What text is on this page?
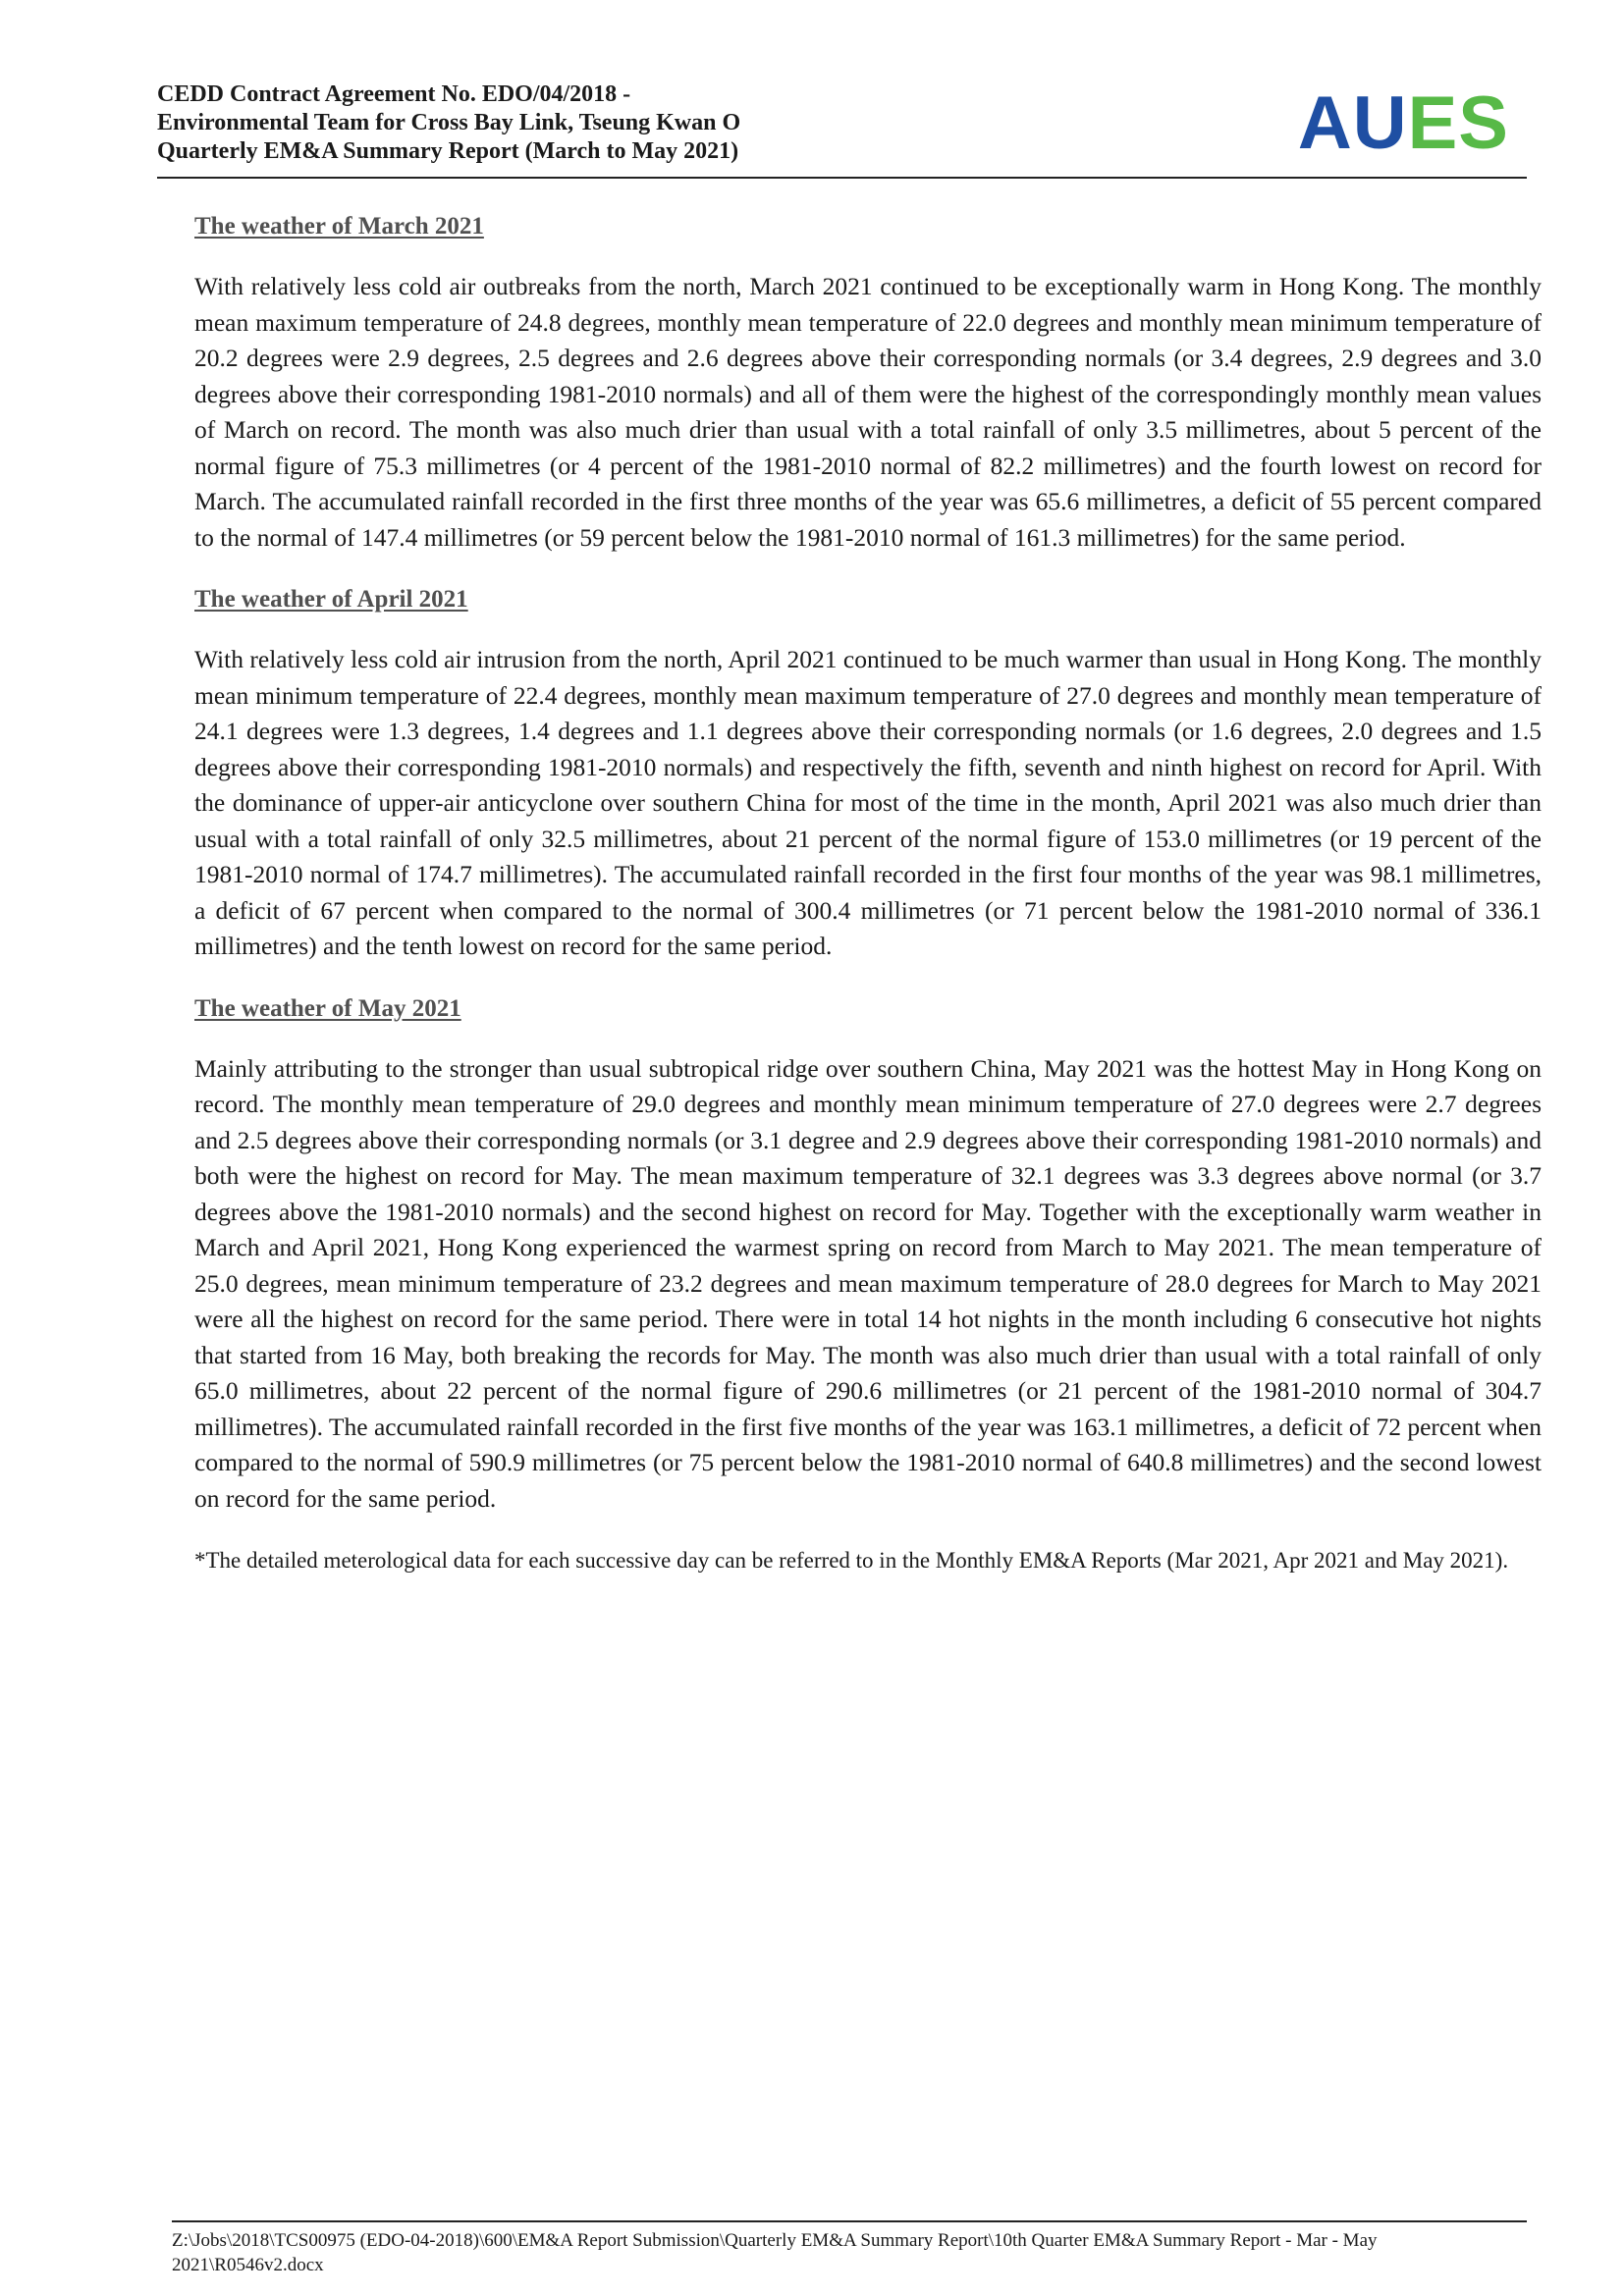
CEDD Contract Agreement No. EDO/04/2018 -
Environmental Team for Cross Bay Link, Tseung Kwan O
Quarterly EM&A Summary Report (March to May 2021)	AUES
The weather of March 2021

With relatively less cold air outbreaks from the north, March 2021 continued to be exceptionally warm in Hong Kong. The monthly mean maximum temperature of 24.8 degrees, monthly mean temperature of 22.0 degrees and monthly mean minimum temperature of 20.2 degrees were 2.9 degrees, 2.5 degrees and 2.6 degrees above their corresponding normals (or 3.4 degrees, 2.9 degrees and 3.0 degrees above their corresponding 1981-2010 normals) and all of them were the highest of the correspondingly monthly mean values of March on record. The month was also much drier than usual with a total rainfall of only 3.5 millimetres, about 5 percent of the normal figure of 75.3 millimetres (or 4 percent of the 1981-2010 normal of 82.2 millimetres) and the fourth lowest on record for March. The accumulated rainfall recorded in the first three months of the year was 65.6 millimetres, a deficit of 55 percent compared to the normal of 147.4 millimetres (or 59 percent below the 1981-2010 normal of 161.3 millimetres) for the same period.

The weather of April 2021

With relatively less cold air intrusion from the north, April 2021 continued to be much warmer than usual in Hong Kong. The monthly mean minimum temperature of 22.4 degrees, monthly mean maximum temperature of 27.0 degrees and monthly mean temperature of 24.1 degrees were 1.3 degrees, 1.4 degrees and 1.1 degrees above their corresponding normals (or 1.6 degrees, 2.0 degrees and 1.5 degrees above their corresponding 1981-2010 normals) and respectively the fifth, seventh and ninth highest on record for April. With the dominance of upper-air anticyclone over southern China for most of the time in the month, April 2021 was also much drier than usual with a total rainfall of only 32.5 millimetres, about 21 percent of the normal figure of 153.0 millimetres (or 19 percent of the 1981-2010 normal of 174.7 millimetres). The accumulated rainfall recorded in the first four months of the year was 98.1 millimetres, a deficit of 67 percent when compared to the normal of 300.4 millimetres (or 71 percent below the 1981-2010 normal of 336.1 millimetres) and the tenth lowest on record for the same period.

The weather of May 2021

Mainly attributing to the stronger than usual subtropical ridge over southern China, May 2021 was the hottest May in Hong Kong on record. The monthly mean temperature of 29.0 degrees and monthly mean minimum temperature of 27.0 degrees were 2.7 degrees and 2.5 degrees above their corresponding normals (or 3.1 degree and 2.9 degrees above their corresponding 1981-2010 normals) and both were the highest on record for May. The mean maximum temperature of 32.1 degrees was 3.3 degrees above normal (or 3.7 degrees above the 1981-2010 normals) and the second highest on record for May. Together with the exceptionally warm weather in March and April 2021, Hong Kong experienced the warmest spring on record from March to May 2021. The mean temperature of 25.0 degrees, mean minimum temperature of 23.2 degrees and mean maximum temperature of 28.0 degrees for March to May 2021 were all the highest on record for the same period. There were in total 14 hot nights in the month including 6 consecutive hot nights that started from 16 May, both breaking the records for May. The month was also much drier than usual with a total rainfall of only 65.0 millimetres, about 22 percent of the normal figure of 290.6 millimetres (or 21 percent of the 1981-2010 normal of 304.7 millimetres). The accumulated rainfall recorded in the first five months of the year was 163.1 millimetres, a deficit of 72 percent when compared to the normal of 590.9 millimetres (or 75 percent below the 1981-2010 normal of 640.8 millimetres) and the second lowest on record for the same period.

*The detailed meterological data for each successive day can be referred to in the Monthly EM&A Reports (Mar 2021, Apr 2021 and May 2021).
Z:\Jobs\2018\TCS00975 (EDO-04-2018)\600\EM&A Report Submission\Quarterly EM&A Summary Report\10th Quarter EM&A Summary Report - Mar - May 2021\R0546v2.docx
